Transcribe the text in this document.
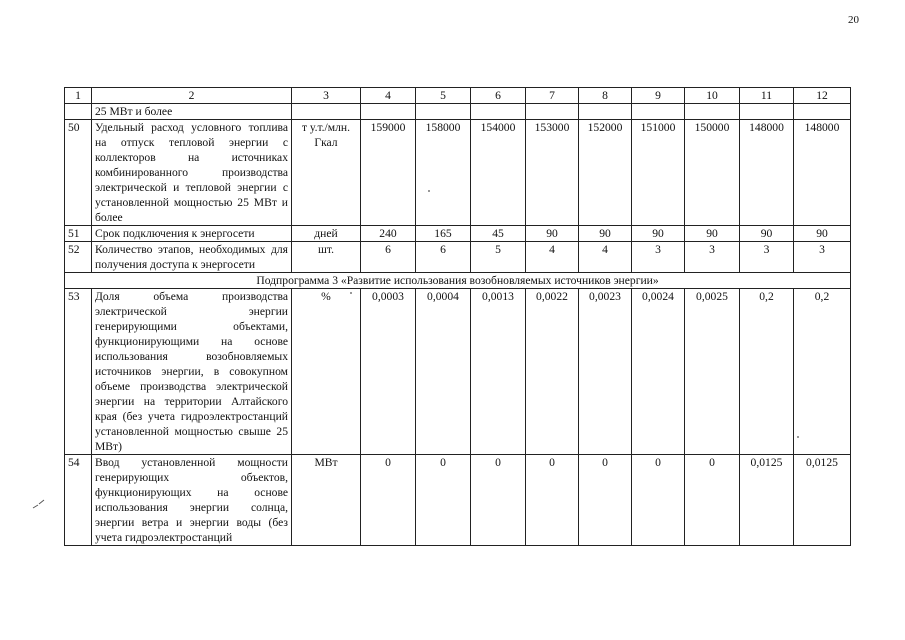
20
1	2	3	4	5	6	7	8	9	10	11	12
	25 МВт и более										
50	Удельный расход условного топлива на отпуск тепловой энергии с коллекторов на источниках комбинированного производства электрической и тепловой энергии с установленной мощностью 25 МВт и более	т у.т./млн. Гкал	159000	158000	154000	153000	152000	151000	150000	148000	148000
51	Срок подключения к энергосети	дней	240	165	45	90	90	90	90	90	90
52	Количество этапов, необходимых для получения доступа к энергосети	шт.	6	6	5	4	4	3	3	3	3
Подпрограмма 3 «Развитие использования возобновляемых источников энергии»											
53	Доля объема производства электрической энергии генерирующими объектами, функционирующими на основе использования возобновляемых источников энергии, в совокупном объеме производства электрической энергии на территории Алтайского края (без учета гидроэлектростанций установленной мощностью свыше 25 МВт)	%	0,0003	0,0004	0,0013	0,0022	0,0023	0,0024	0,0025	0,2	0,2
54	Ввод установленной мощности генерирующих объектов, функционирующих на основе использования энергии солнца, энергии ветра и энергии воды (без учета гидроэлектростанций	МВт	0	0	0	0	0	0	0	0,0125	0,0125
